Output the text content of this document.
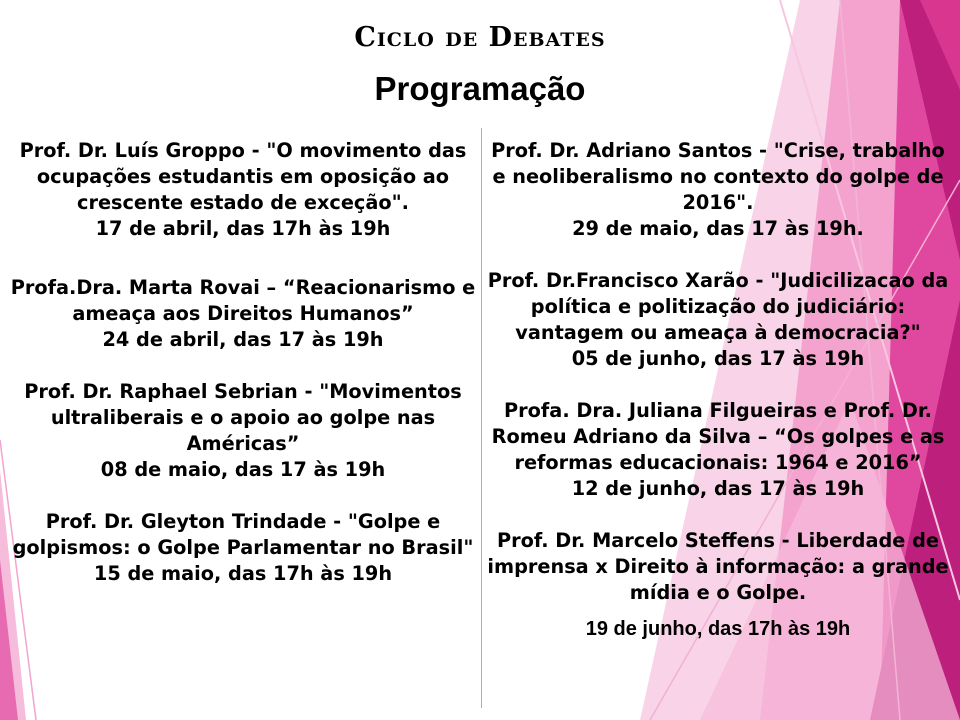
Ciclo de Debates
Programação
Prof. Dr. Luís Groppo - "O movimento das ocupações estudantis em oposição ao crescente estado de exceção".
17 de abril, das 17h às 19h
Profa.Dra. Marta Rovai – “Reacionarismo e ameaça aos Direitos Humanos”
24 de abril, das 17 às 19h
Prof. Dr. Raphael Sebrian - "Movimentos ultraliberais e o apoio ao golpe nas Américas”
08 de maio, das 17 às 19h
Prof. Dr. Gleyton Trindade - "Golpe e golpismos: o Golpe Parlamentar no Brasil"
15 de maio, das 17h às 19h
Prof. Dr. Adriano Santos - "Crise, trabalho e neoliberalismo no contexto do golpe de 2016".
29 de maio, das 17 às 19h.
Prof. Dr.Francisco Xarão - "Judicilizacao da política e politização do judiciário: vantagem ou ameaça à democracia?"
05 de junho, das 17 às 19h
Profa. Dra. Juliana Filgueiras e Prof. Dr. Romeu Adriano da Silva – “Os golpes e as reformas educacionais: 1964 e 2016”
12 de junho, das 17 às 19h
Prof. Dr. Marcelo Steffens - Liberdade de imprensa x Direito à informação: a grande mídia e o Golpe.
19 de junho, das 17h às 19h
